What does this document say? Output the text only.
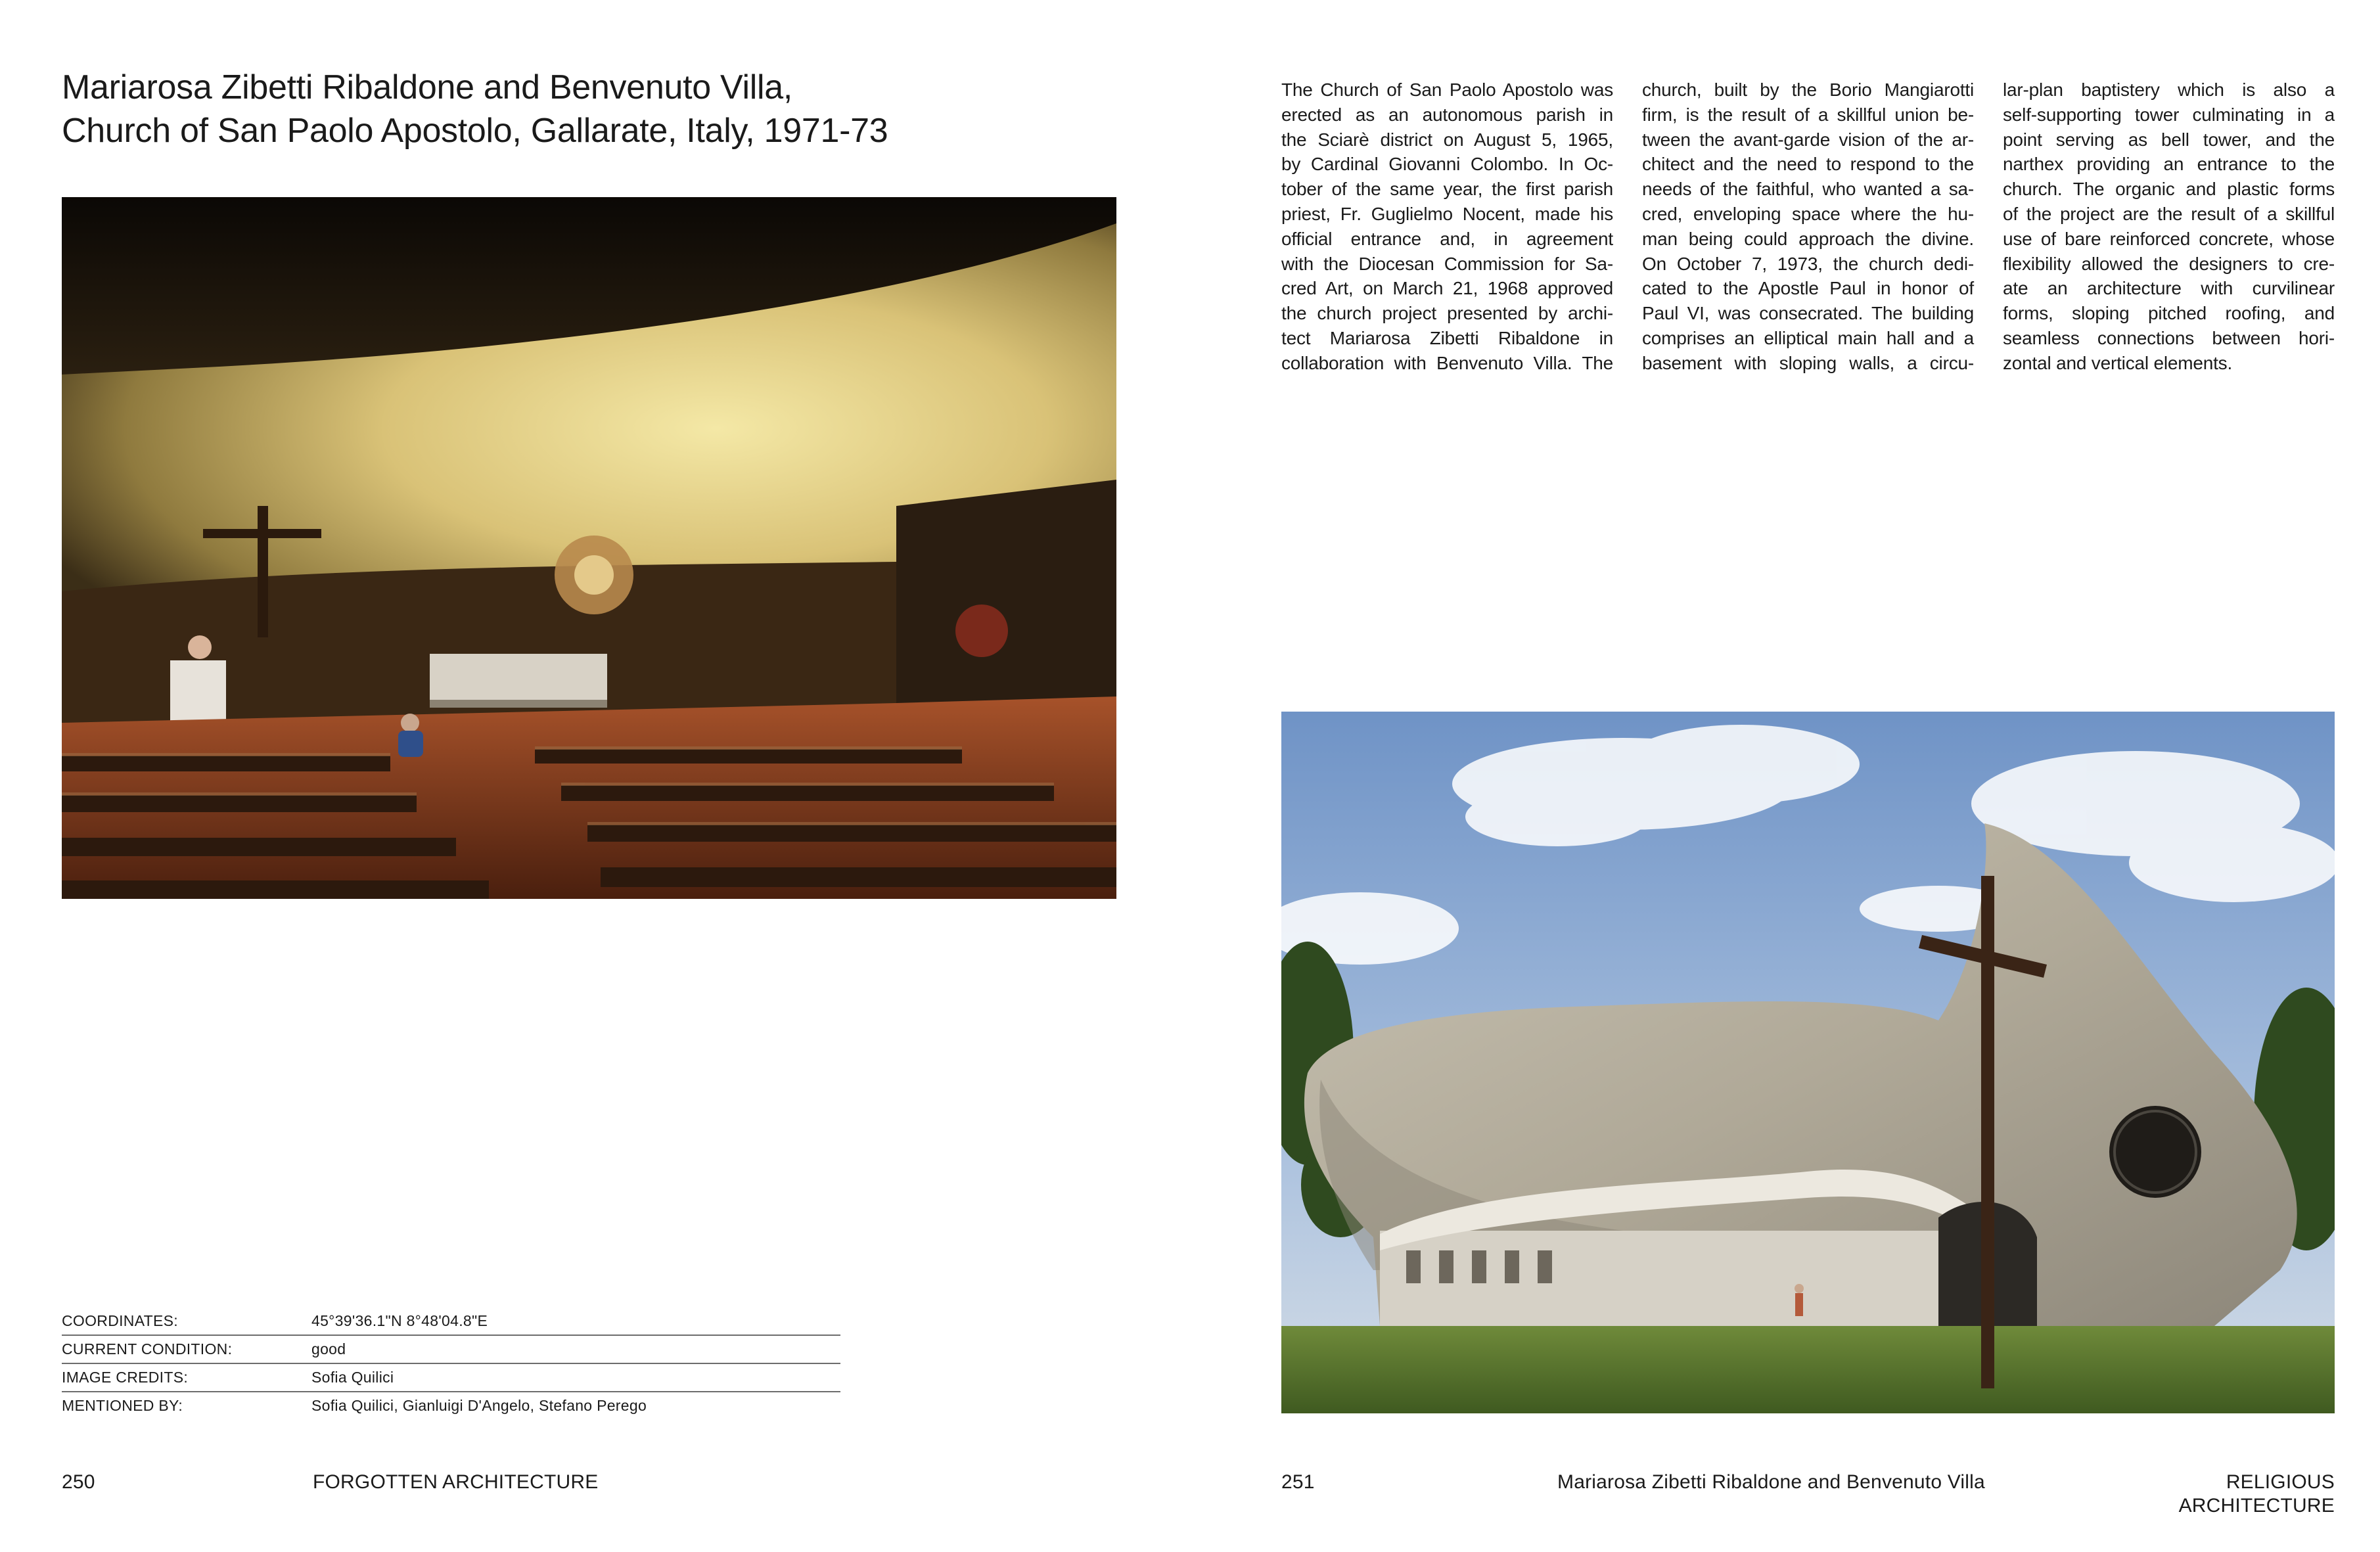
Mariarosa Zibetti Ribaldone and Benvenuto Villa,
Church of San Paolo Apostolo, Gallarate, Italy, 1971-73
COORDINATES:	45°39'36.1"N 8°48'04.8"E
CURRENT CONDITION:	good
IMAGE CREDITS:	Sofia Quilici
MENTIONED BY:	Sofia Quilici, Gianluigi D'Angelo, Stefano Perego
250	FORGOTTEN ARCHITECTURE
The Church of San Paolo Apostolo was
erected as an autonomous parish in
the Sciarè district on August 5, 1965,
by Cardinal Giovanni Colombo. In Oc-
tober of the same year, the first parish
priest, Fr. Guglielmo Nocent, made his
official entrance and, in agreement
with the Diocesan Commission for Sa-
cred Art, on March 21, 1968 approved
the church project presented by archi-
tect Mariarosa Zibetti Ribaldone in
collaboration with Benvenuto Villa. The
church, built by the Borio Mangiarotti
firm, is the result of a skillful union be-
tween the avant-garde vision of the ar-
chitect and the need to respond to the
needs of the faithful, who wanted a sa-
cred, enveloping space where the hu-
man being could approach the divine.
On October 7, 1973, the church dedi-
cated to the Apostle Paul in honor of
Paul VI, was consecrated. The building
comprises an elliptical main hall and a
basement with sloping walls, a circu-
lar-plan baptistery which is also a
self-supporting tower culminating in a
point serving as bell tower, and the
narthex providing an entrance to the
church. The organic and plastic forms
of the project are the result of a skillful
use of bare reinforced concrete, whose
flexibility allowed the designers to cre-
ate an architecture with curvilinear
forms, sloping pitched roofing, and
seamless connections between hori-
zontal and vertical elements.
251	Mariarosa Zibetti Ribaldone and Benvenuto Villa	RELIGIOUS ARCHITECTURE
